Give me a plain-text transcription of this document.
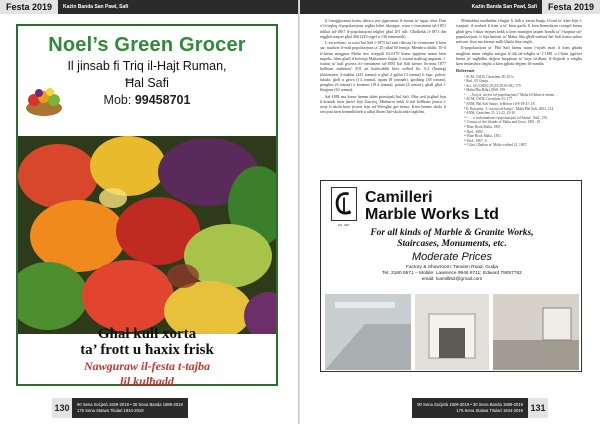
Festa 2019	Każin Banda San Pawl, Safi
Noel’s Green Grocer
Il jinsab fi Triq il-Hajt Ruman,
Ħal Safi
Mob: 99458701
Għal kull xorta
ta’ frott u ħaxix frisk
Nawguraw il-festa t-tajba
lil kulħadd
130	90 Sena Soċjetà 1929-2019 • 30 Sena Banda 1989-2019
175 Sena Statwa Titulari 1844-2019
Każin Banda San Pawl, Safi	Festa 2019

li l-maġġoranza kienu tibewa jew jippruttaw il-forma ta’ sapja ohra. Dan x’iċċaqlaq il-popolazzjoni regħet bdiet tikreppa: wara ċ-ċensiment tal-1851 inkluż tal-1867 il-popolazzjoni telgħet għal 291 ruħ. Għalhekk il-1871 din reġgħet naqset għal 266 (220 raġel u 136 femminili).

L-ewwelnett, xi sorsi ħal Safi l-1875 kif nitti riflessa fiċ-ċensiment li kien sar, madwar il-mitt popolazzjoni ta’ 25 raħal 60 fernija. Membru taħlitt, 10-il fi-kienu maqgura Malta tiex tiseppili 63,0179 kienu ippjiena imma kien mqodu, fthru ghall il-kolonja Malizaniex fuqha. L-istatut maħrug imparati, l-istatut ta’ kull gwerra fiċ-ċensiment tal-1881 ħal Safi kienet fis-sena 1877 kellhom maħdura’ 318 art kultivabbli biex weħed lie. 6.2 (ħameġ) jikktemtaw 4 mabba (225 tomna) u għal 2 gallut (3 tomna) li fqar, palisti, fuhala, ġieħ u gżwa (14 tomna), apam (8 tomnah), ġardinig (38 tomna), ponghes (6 tomna) u karmun (19.4 tomna), patata (4 tomna), għall għal l-bhajjem (63 tomna).

Sal-1881 ma kienx hemm dulet prinċipali ħal Safi. Min ried jitgħad lejn il-komidi kien jinżel lejn Żurrieq. Minbarra hekk il-tfal kellhom jimxu l-rieqi li-skola kien jirrieti lejn tal-Wiesgħa ġot-tiema. Kien hemm skola li sessjoni kien hemmħiltieb u raħal ilhom ħal-skola anke taghlim.

Minbabbra minħabba t-ħaġar li ftaħ u kienu ħarġu l-fond ta’ kien lejn l-istarjati: il-wiehed li kien u ta’ bien qarib, li kien ħemmhom rwiegel kienu għali ġew l-iktar bejniet hekk u kien mamijiet jaqam ħomħi ta’ l-kapitar tal-popolazzjoni, li hija kmieni ta’ Malta fiha għall-mehwa ħal Safi kienu mhux mfesser lista ma kienux milli bħalu lista tieghi.

Il-popolazzjoni ta’ Ħal Safi kienu minn l-irjieh mart li kien għadu mugħien minn erbgħa meqjus b’dik tal-erbgħa ta’ l-1881 u l-ħitin jiġifieri kienu ja’ mgħidha dejjem ħaqqhom ta’ bejn id-dlam, il-flejjiedi u erbgħa kien imdawbra tieghu u kien jgħidu dejjem fil-medda.

Referenzi
¹ ACM, CSDG Ġeruslem 38, 251v.
² Ibid., 05 Ġunju.
³ Arċ. 02 (CSDG) B (18.29.03-09), 179.
⁴ Malta Ħin Baħri 1868, 199.
⁵ …, Xoq ta’ aċċess tal-popolazzjoni f’Malta fil-ħdan iż-żmien…
⁶ ACM, CSDG Ġeruslem 25, 177.
⁷ ANM, Ħal Safi Status, Ir-Rettur 16-8-18-47, 18.
⁸ E. Bonavita, ‘L-istorja tal-knisja’, Malta Ħal Safi, 2002, 214.
⁹ ANM, Ġeruslem 25, 21-22, 25-30.
¹⁰ ‘… u tinformahom l-popolazzjoni tal-ħażna’, Ibid., 276.
¹¹ Census of the Islands of Malta and Gozo, 1891, 19.
¹² Blue Book Malta, 1881.
¹³ Ibid., 1882.
¹⁴ Blue Book Malta, 1851.
¹⁵ Ibid., 1867, 6.
¹⁶ Glini, Għalien ta’ Malta wieħed 12, 1867.
Est. 1967
Camilleri
Marble Works Ltd
For all kinds of Marble & Granite Works,
Staircases, Monuments, etc.
Moderate Prices
Factory & Showroom: Tanxien Road, Gudja
Tel: 2180 6571 – Mobile: Lawrence 9946 6711; Edward 79057782
email: lcamilli52@gmail.com
90 Sena Soċjetà 1929-2019 • 30 Sena Banda 1989-2019
175 Sena Statwa Titulari 1844-2019 131
